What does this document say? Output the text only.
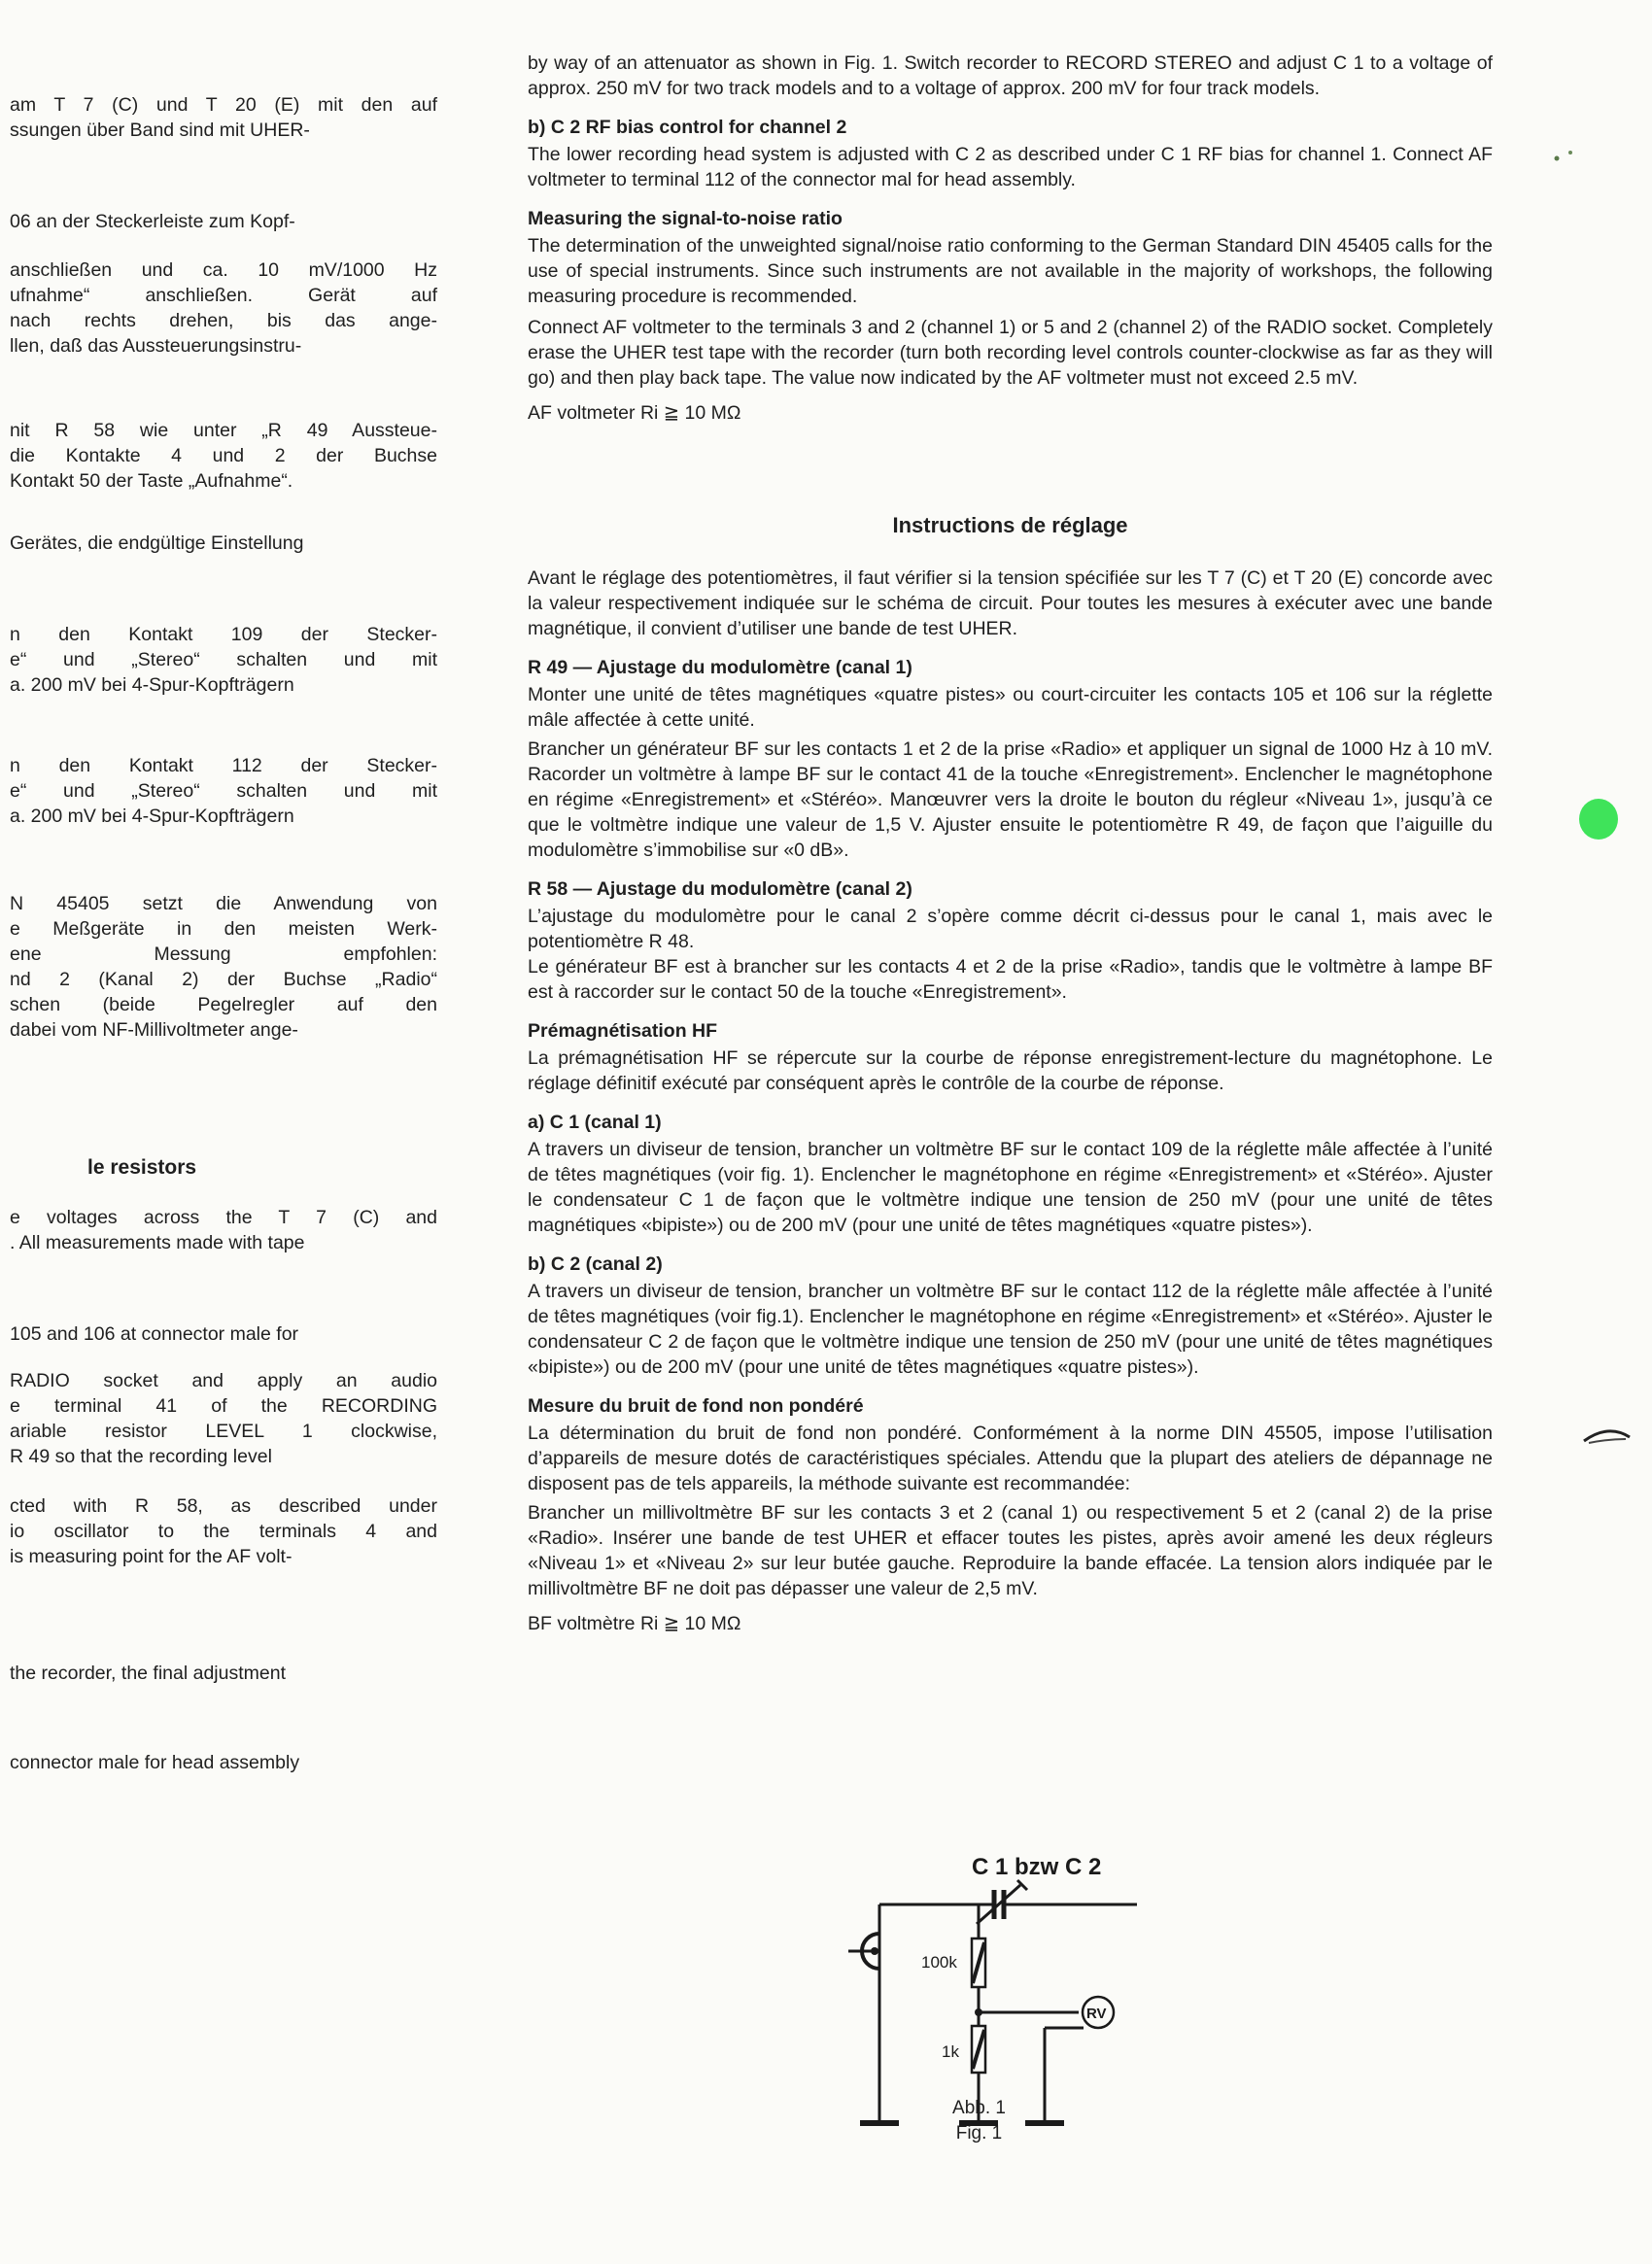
le resistors
am T 7 (C) und T 20 (E) mit den auf
ssungen über Band sind mit UHER-
06 an der Steckerleiste zum Kopf-
anschließen und ca. 10 mV/1000 Hz
ufnahme“ anschließen. Gerät auf
nach rechts drehen, bis das ange-
llen, daß das Aussteuerungsinstru-
nit R 58 wie unter „R 49 Aussteue-
die Kontakte 4 und 2 der Buchse
Kontakt 50 der Taste „Aufnahme“.
Gerätes, die endgültige Einstellung
n den Kontakt 109 der Stecker-
e“ und „Stereo“ schalten und mit
a. 200 mV bei 4-Spur-Kopfträgern
n den Kontakt 112 der Stecker-
e“ und „Stereo“ schalten und mit
a. 200 mV bei 4-Spur-Kopfträgern
N 45405 setzt die Anwendung von
e Meßgeräte in den meisten Werk-
ene Messung empfohlen:
nd 2 (Kanal 2) der Buchse „Radio“
schen (beide Pegelregler auf den
dabei vom NF-Millivoltmeter ange-
e voltages across the T 7 (C) and
. All measurements made with tape
105 and 106 at connector male for
RADIO socket and apply an audio
e terminal 41 of the RECORDING
ariable resistor LEVEL 1 clockwise,
R 49 so that the recording level
cted with R 58, as described under
io oscillator to the terminals 4 and
is measuring point for the AF volt-
the recorder, the final adjustment
connector male for head assembly

by way of an attenuator as shown in Fig. 1. Switch recorder to RECORD STEREO and adjust C 1 to a voltage of approx. 250 mV for two track models and to a voltage of approx. 200 mV for four track models.

b) C 2 RF bias control for channel 2

The lower recording head system is adjusted with C 2 as described under C 1 RF bias for channel 1. Connect AF voltmeter to terminal 112 of the connector mal for head assembly.

Measuring the signal-to-noise ratio

The determination of the unweighted signal/noise ratio conforming to the German Standard DIN 45405 calls for the use of special instruments. Since such instruments are not available in the majority of workshops, the following measuring procedure is recommended.

Connect AF voltmeter to the terminals 3 and 2 (channel 1) or 5 and 2 (channel 2) of the RADIO socket. Completely erase the UHER test tape with the recorder (turn both recording level controls counter-clockwise as far as they will go) and then play back tape. The value now indicated by the AF voltmeter must not exceed 2.5 mV.

AF voltmeter Ri ≧ 10 MΩ

Instructions de réglage

Avant le réglage des potentiomètres, il faut vérifier si la tension spécifiée sur les T 7 (C) et T 20 (E) concorde avec la valeur respectivement indiquée sur le schéma de circuit. Pour toutes les mesures à exécuter avec une bande magnétique, il convient d’utiliser une bande de test UHER.

R 49 — Ajustage du modulomètre (canal 1)

Monter une unité de têtes magnétiques «quatre pistes» ou court-circuiter les contacts 105 et 106 sur la réglette mâle affectée à cette unité.

Brancher un générateur BF sur les contacts 1 et 2 de la prise «Radio» et appliquer un signal de 1000 Hz à 10 mV. Racorder un voltmètre à lampe BF sur le contact 41 de la touche «Enregistrement». Enclencher le magnétophone en régime «Enregistrement» et «Stéréo». Manœuvrer vers la droite le bouton du régleur «Niveau 1», jusqu’à ce que le voltmètre indique une valeur de 1,5 V. Ajuster ensuite le potentiomètre R 49, de façon que l’aiguille du modulomètre s’immobilise sur «0 dB».

R 58 — Ajustage du modulomètre (canal 2)

L’ajustage du modulomètre pour le canal 2 s’opère comme décrit ci-dessus pour le canal 1, mais avec le potentiomètre R 48.

Le générateur BF est à brancher sur les contacts 4 et 2 de la prise «Radio», tandis que le voltmètre à lampe BF est à raccorder sur le contact 50 de la touche «Enregistrement».

Prémagnétisation HF

La prémagnétisation HF se répercute sur la courbe de réponse enregistrement-lecture du magnétophone. Le réglage définitif exécuté par conséquent après le contrôle de la courbe de réponse.

a) C 1 (canal 1)

A travers un diviseur de tension, brancher un voltmètre BF sur le contact 109 de la réglette mâle affectée à l’unité de têtes magnétiques (voir fig. 1). Enclencher le magnétophone en régime «Enregistrement» et «Stéréo». Ajuster le condensateur C 1 de façon que le voltmètre indique une tension de 250 mV (pour une unité de têtes magnétiques «bipiste») ou de 200 mV (pour une unité de têtes magnétiques «quatre pistes»).

b) C 2 (canal 2)

A travers un diviseur de tension, brancher un voltmètre BF sur le contact 112 de la réglette mâle affectée à l’unité de têtes magnétiques (voir fig.1). Enclencher le magnétophone en régime «Enregistrement» et «Stéréo». Ajuster le condensateur C 2 de façon que le voltmètre indique une tension de 250 mV (pour une unité de têtes magnétiques «bipiste») ou de 200 mV (pour une unité de têtes magnétiques «quatre pistes»).

Mesure du bruit de fond non pondéré

La détermination du bruit de fond non pondéré. Conformément à la norme DIN 45505, impose l’utilisation d’appareils de mesure dotés de caractéristiques spéciales. Attendu que la plupart des ateliers de dépannage ne disposent pas de tels appareils, la méthode suivante est recommandée:

Brancher un millivoltmètre BF sur les contacts 3 et 2 (canal 1) ou respectivement 5 et 2 (canal 2) de la prise «Radio». Insérer une bande de test UHER et effacer toutes les pistes, après avoir amené les deux régleurs «Niveau 1» et «Niveau 2» sur leur butée gauche. Reproduire la bande effacée. La tension alors indiquée par le millivoltmètre BF ne doit pas dépasser une valeur de 2,5 mV.

BF voltmètre Ri ≧ 10 MΩ

C 1 bzw C 2
100k
1k
RV
Abb. 1
Fig. 1
